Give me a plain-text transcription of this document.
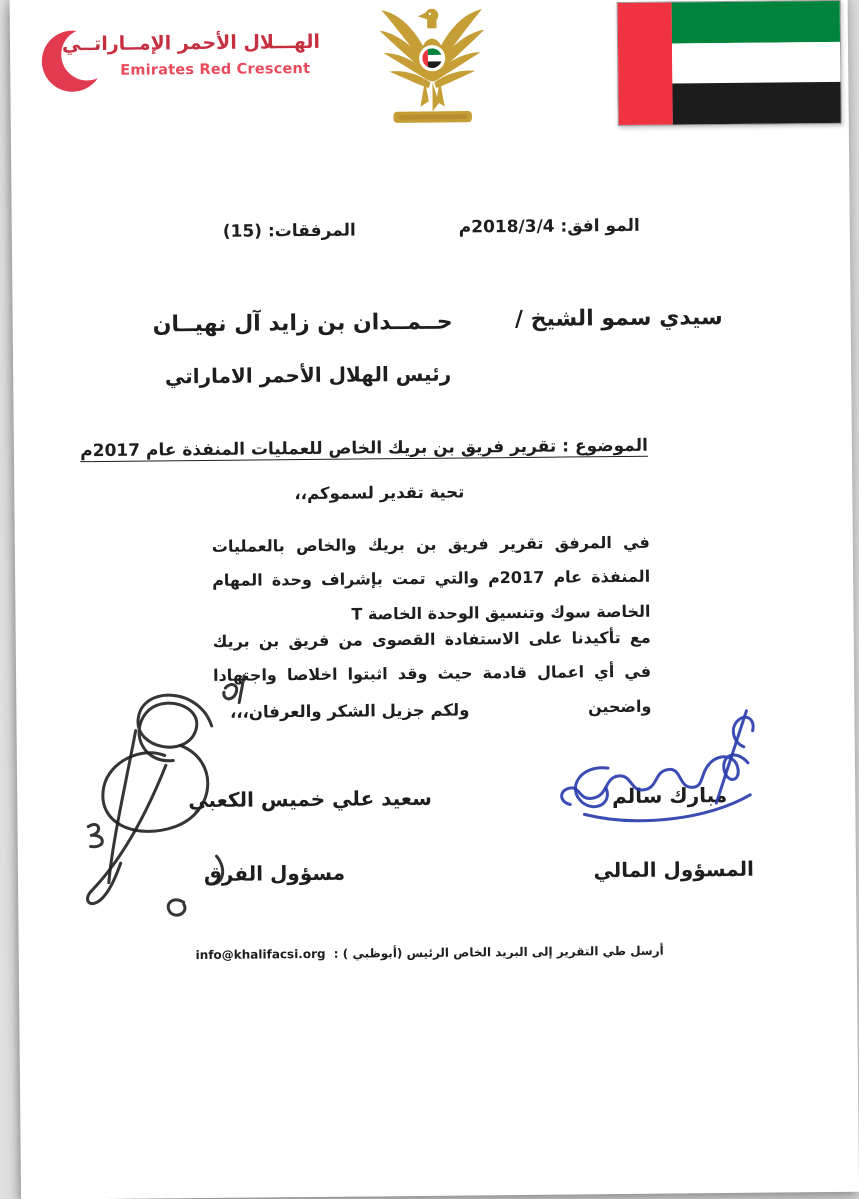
الهـــلال الأحمر الإمــاراتــي
Emirates Red Crescent
المو افق: 2018/3/4م
المرفقات: (15)
سيدي سمو الشيخ /
حــمــدان بن زايد آل نهيــان
رئيس الهلال الأحمر الاماراتي
الموضوع : تقرير فريق بن بريك الخاص للعمليات المنفذة عام 2017م
تحية تقدير لسموكم،،

في المرفق تقرير فريق بن بريك والخاص بالعمليات المنفذة عام 2017م والتي تمت بإشراف وحدة المهام الخاصة سوك وتنسيق الوحدة الخاصة T

مع تأكيدنا على الاستفادة القصوى من فريق بن بريك في أي اعمال قادمة حيث وقد اثبتوا اخلاصا واجتهادا واضحين

ولكم جزيل الشكر والعرفان،،،
مبارك سالم
المسؤول المالي
سعيد علي خميس الكعبي
مسؤول الفرق
أرسل طي التقرير إلى البريد الخاص الرئيس (أبوظبي ) : info@khalifacsi.org
